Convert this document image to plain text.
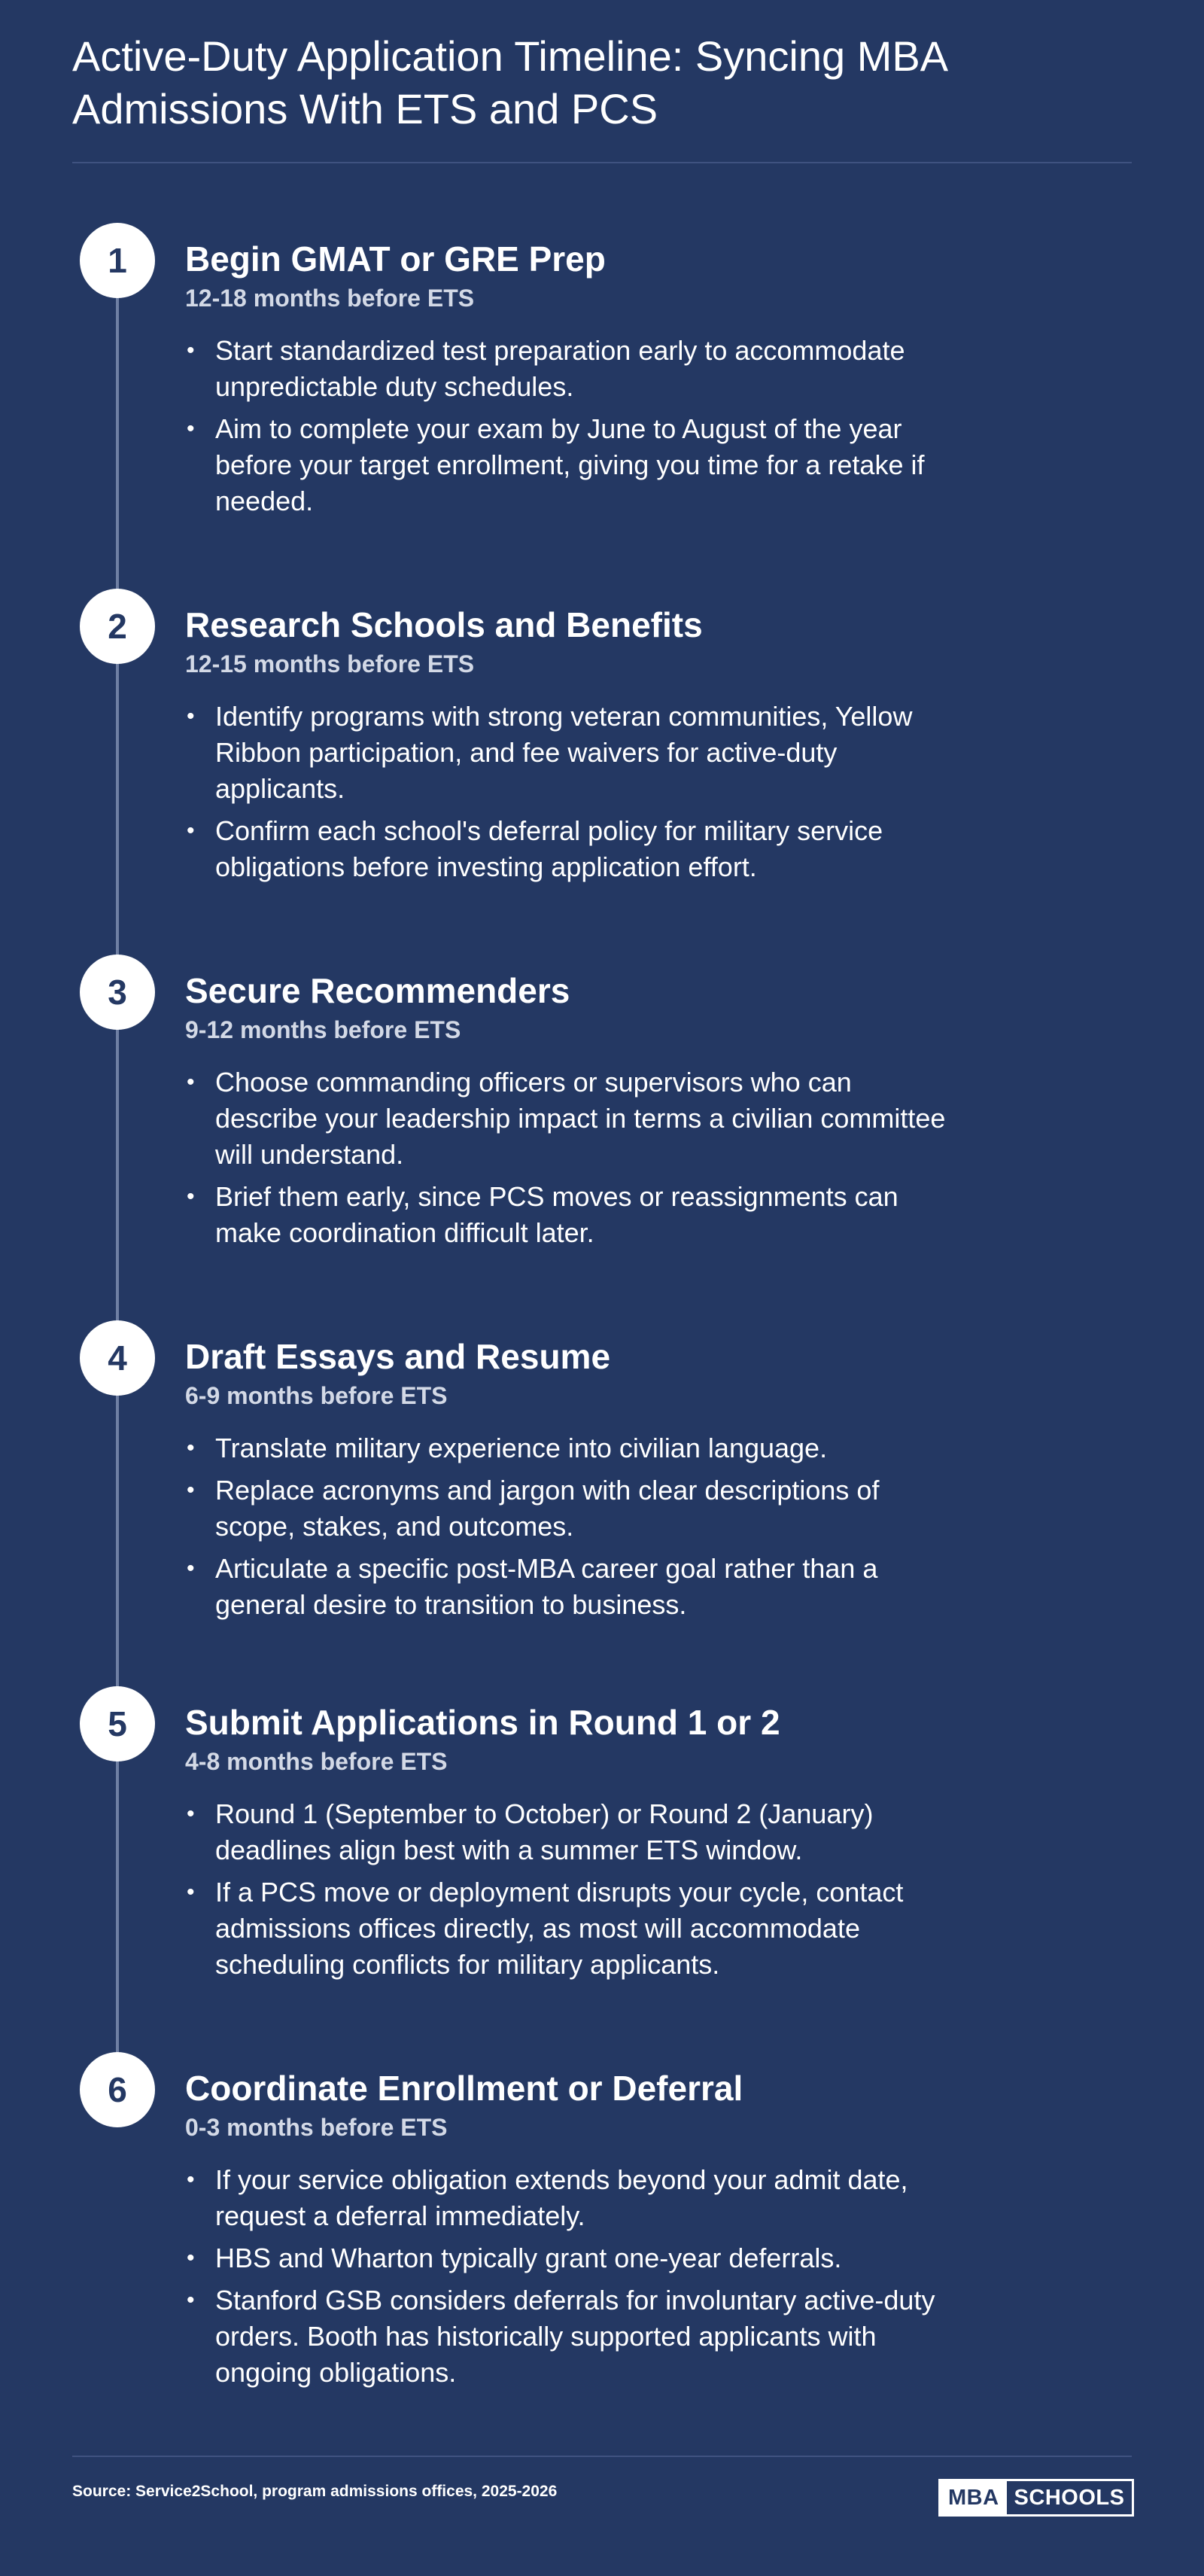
Active-Duty Application Timeline: Syncing MBA Admissions With ETS and PCS
1	Begin GMAT or GRE Prep
12-18 months before ETS
• Start standardized test preparation early to accommodate unpredictable duty schedules.
• Aim to complete your exam by June to August of the year before your target enrollment, giving you time for a retake if needed.
2	Research Schools and Benefits
12-15 months before ETS
• Identify programs with strong veteran communities, Yellow Ribbon participation, and fee waivers for active-duty applicants.
• Confirm each school's deferral policy for military service obligations before investing application effort.
3	Secure Recommenders
9-12 months before ETS
• Choose commanding officers or supervisors who can describe your leadership impact in terms a civilian committee will understand.
• Brief them early, since PCS moves or reassignments can make coordination difficult later.
4	Draft Essays and Resume
6-9 months before ETS
• Translate military experience into civilian language.
• Replace acronyms and jargon with clear descriptions of scope, stakes, and outcomes.
• Articulate a specific post-MBA career goal rather than a general desire to transition to business.
5	Submit Applications in Round 1 or 2
4-8 months before ETS
• Round 1 (September to October) or Round 2 (January) deadlines align best with a summer ETS window.
• If a PCS move or deployment disrupts your cycle, contact admissions offices directly, as most will accommodate scheduling conflicts for military applicants.
6	Coordinate Enrollment or Deferral
0-3 months before ETS
• If your service obligation extends beyond your admit date, request a deferral immediately.
• HBS and Wharton typically grant one-year deferrals.
• Stanford GSB considers deferrals for involuntary active-duty orders. Booth has historically supported applicants with ongoing obligations.
Source: Service2School, program admissions offices, 2025-2026	MBA SCHOOLS
